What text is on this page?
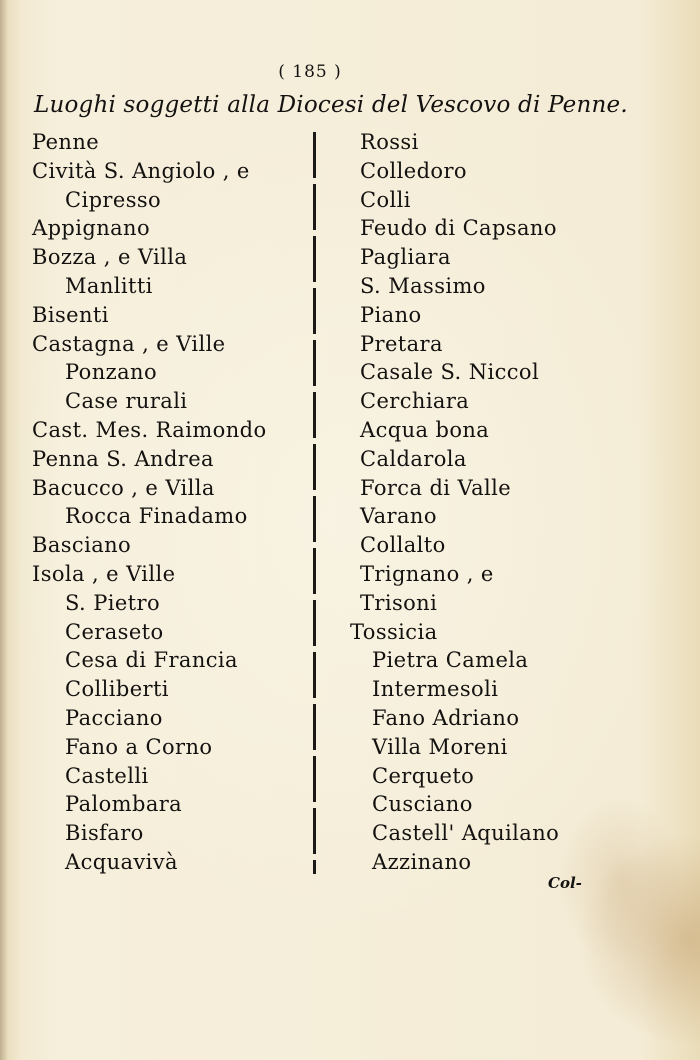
( 185 )
Luoghi soggetti alla Diocesi del Vescovo di Penne.
Penne
Cività S. Angiolo , e
Cipresso
Appignano
Bozza , e Villa
Manlitti
Bisenti
Castagna , e Ville
Ponzano
Case rurali
Cast. Mes. Raimondo
Penna S. Andrea
Bacucco , e Villa
Rocca Finadamo
Basciano
Isola , e Ville
S. Pietro
Ceraseto
Cesa di Francia
Colliberti
Pacciano
Fano a Corno
Castelli
Palombara
Bisfaro
Acquavivà
Rossi
Colledoro
Colli
Feudo di Capsano
Pagliara
S. Massimo
Piano
Pretara
Casale S. Niccol
Cerchiara
Acqua bona
Caldarola
Forca di Valle
Varano
Collalto
Trignano , e
Trisoni
Tossicia
Pietra Camela
Intermesoli
Fano Adriano
Villa Moreni
Cerqueto
Cusciano
Castell' Aquilano
Azzinano
Col-
